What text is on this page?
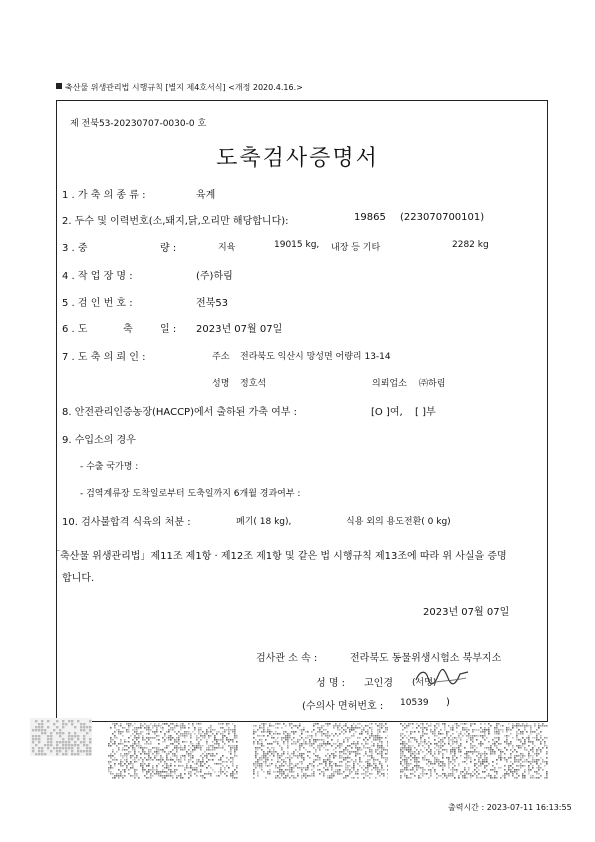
축산물 위생관리법 시행규칙 [별지 제4호서식] <개정 2020.4.16.>
제 전북53-20230707-0030-0 호
도축검사증명서
1 . 가 축 의 종 류 :	육계
2. 두수 및 이력번호(소,돼지,닭,오리만 해당합니다):	19865 (223070700101)
3 . 중	량 :	지육	19015 kg, 내장 등 기타	2282 kg
4 . 작 업 장 명 :	(주)하림
5 . 검 인 번 호 :	전북53
6 . 도	축	일 : 2023년 07월 07일
7 . 도 축 의 뢰 인 :	주소 전라북도 익산시 망성면 어량리 13-14
성명 정호석	의뢰업소 ㈜하림
8. 안전관리인증농장(HACCP)에서 출하된 가축 여부 :	[O ]여, [ ]부
9. 수입소의 경우
- 수출 국가명 :
- 검역계류장 도착일로부터 도축일까지 6개월 경과여부 :
10. 검사불합격 식육의 처분 :	폐기( 18 kg),	식용 외의 용도전환( 0 kg)
「축산물 위생관리법」제11조 제1항 · 제12조 제1항 및 같은 법 시행규칙 제13조에 따라 위 사실을 증명
합니다.
2023년 07월 07일
검사관 소 속 :	전라북도 동물위생시험소 북부지소
성 명 : 고인경 (서명)
(수의사 면허번호 : 10539 )
출력시간 : 2023-07-11 16:13:55
